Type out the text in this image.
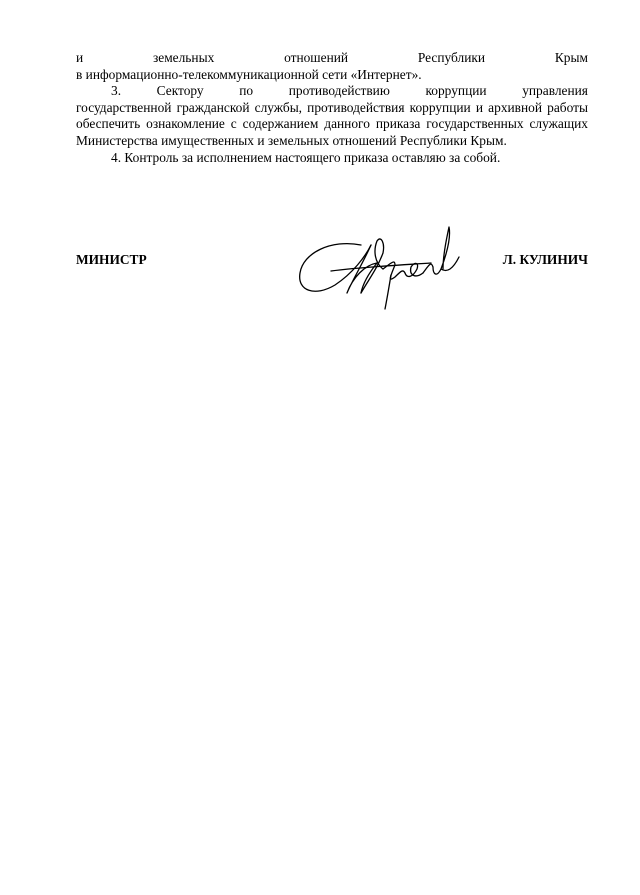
и	земельных	отношений	Республики	Крым
в информационно-телекоммуникационной сети «Интернет».
3.	Сектору	по	противодействию	коррупции	управления
государственной гражданской службы, противодействия коррупции и архивной работы обеспечить ознакомление с содержанием данного приказа государственных служащих Министерства имущественных и земельных отношений Республики Крым.
4. Контроль за исполнением настоящего приказа оставляю за собой.
МИНИСТР	Л. КУЛИНИЧ
